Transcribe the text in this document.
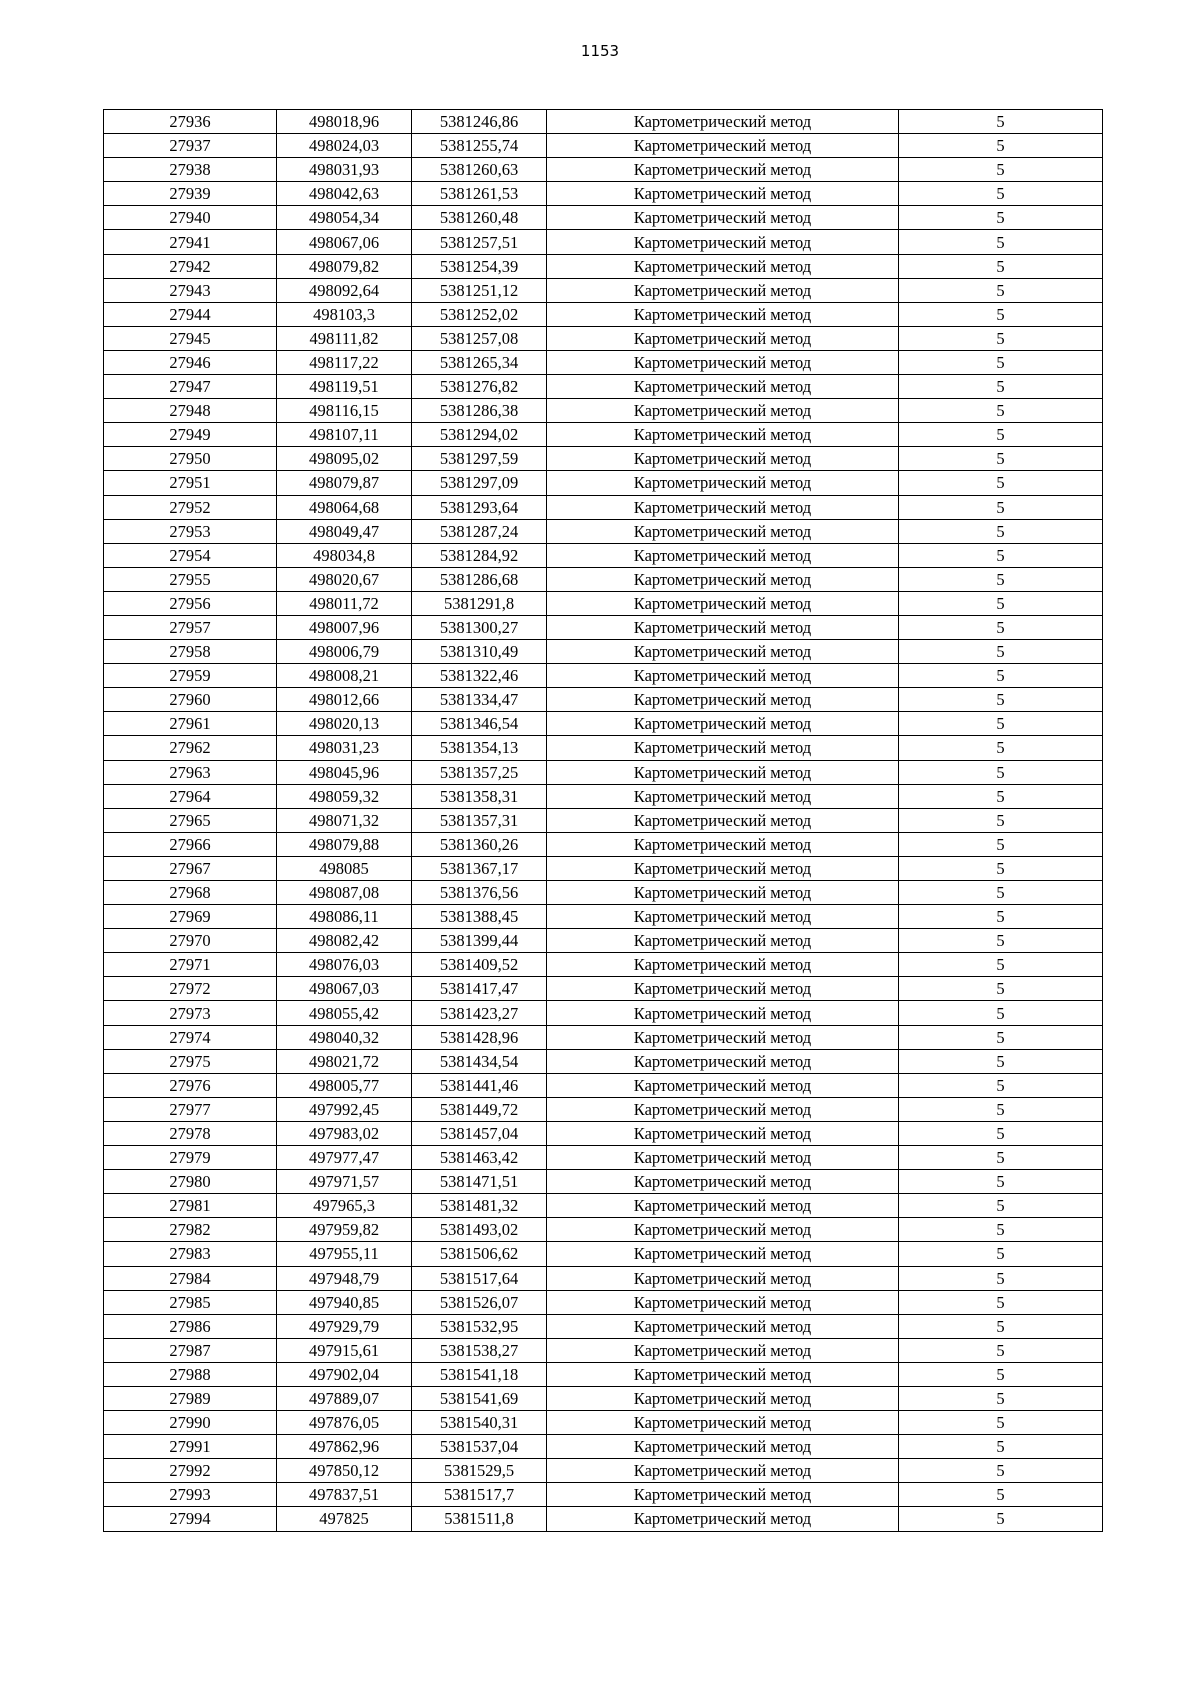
1153
27936	498018,96	5381246,86	Картометрический метод	5
27937	498024,03	5381255,74	Картометрический метод	5
27938	498031,93	5381260,63	Картометрический метод	5
27939	498042,63	5381261,53	Картометрический метод	5
27940	498054,34	5381260,48	Картометрический метод	5
27941	498067,06	5381257,51	Картометрический метод	5
27942	498079,82	5381254,39	Картометрический метод	5
27943	498092,64	5381251,12	Картометрический метод	5
27944	498103,3	5381252,02	Картометрический метод	5
27945	498111,82	5381257,08	Картометрический метод	5
27946	498117,22	5381265,34	Картометрический метод	5
27947	498119,51	5381276,82	Картометрический метод	5
27948	498116,15	5381286,38	Картометрический метод	5
27949	498107,11	5381294,02	Картометрический метод	5
27950	498095,02	5381297,59	Картометрический метод	5
27951	498079,87	5381297,09	Картометрический метод	5
27952	498064,68	5381293,64	Картометрический метод	5
27953	498049,47	5381287,24	Картометрический метод	5
27954	498034,8	5381284,92	Картометрический метод	5
27955	498020,67	5381286,68	Картометрический метод	5
27956	498011,72	5381291,8	Картометрический метод	5
27957	498007,96	5381300,27	Картометрический метод	5
27958	498006,79	5381310,49	Картометрический метод	5
27959	498008,21	5381322,46	Картометрический метод	5
27960	498012,66	5381334,47	Картометрический метод	5
27961	498020,13	5381346,54	Картометрический метод	5
27962	498031,23	5381354,13	Картометрический метод	5
27963	498045,96	5381357,25	Картометрический метод	5
27964	498059,32	5381358,31	Картометрический метод	5
27965	498071,32	5381357,31	Картометрический метод	5
27966	498079,88	5381360,26	Картометрический метод	5
27967	498085	5381367,17	Картометрический метод	5
27968	498087,08	5381376,56	Картометрический метод	5
27969	498086,11	5381388,45	Картометрический метод	5
27970	498082,42	5381399,44	Картометрический метод	5
27971	498076,03	5381409,52	Картометрический метод	5
27972	498067,03	5381417,47	Картометрический метод	5
27973	498055,42	5381423,27	Картометрический метод	5
27974	498040,32	5381428,96	Картометрический метод	5
27975	498021,72	5381434,54	Картометрический метод	5
27976	498005,77	5381441,46	Картометрический метод	5
27977	497992,45	5381449,72	Картометрический метод	5
27978	497983,02	5381457,04	Картометрический метод	5
27979	497977,47	5381463,42	Картометрический метод	5
27980	497971,57	5381471,51	Картометрический метод	5
27981	497965,3	5381481,32	Картометрический метод	5
27982	497959,82	5381493,02	Картометрический метод	5
27983	497955,11	5381506,62	Картометрический метод	5
27984	497948,79	5381517,64	Картометрический метод	5
27985	497940,85	5381526,07	Картометрический метод	5
27986	497929,79	5381532,95	Картометрический метод	5
27987	497915,61	5381538,27	Картометрический метод	5
27988	497902,04	5381541,18	Картометрический метод	5
27989	497889,07	5381541,69	Картометрический метод	5
27990	497876,05	5381540,31	Картометрический метод	5
27991	497862,96	5381537,04	Картометрический метод	5
27992	497850,12	5381529,5	Картометрический метод	5
27993	497837,51	5381517,7	Картометрический метод	5
27994	497825	5381511,8	Картометрический метод	5
